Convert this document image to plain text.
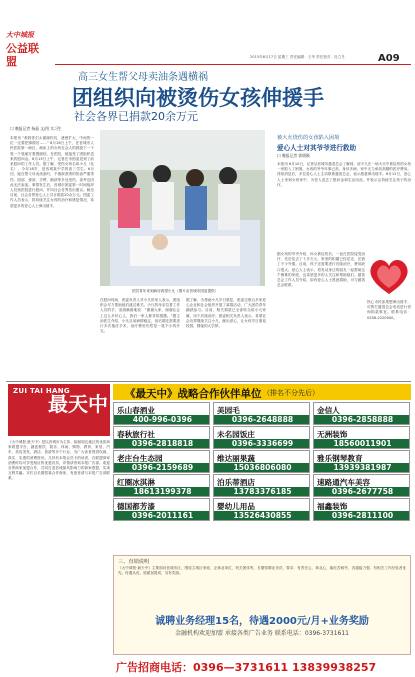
大中城报
公益联盟	2015年6月17日 星期三 责任编辑：王华 责任校对：杜立冬	A09
高三女生帮父母卖油条遇横祸
团组织向被烫伤女孩伸援手
社会各界已捐款20余万元
口 晚报记者 杨晶 文/图 实习生
本报讯 “救救你们太谢谢你们，爸爸扩大，中间的一位一定要把事做好……” 6月16日上午，在晋城市人民医院第一病区，病床上的女孩在众人的鼓励下一个笔一个笔地写着感谢信。在医院，她接受了团组织送来的慰问金。6月15日上午，记者在市团委见到了前来慰问的工作人员。据了解，受伤女孩名叫小凡（化名），今年18岁，是晋城某中学的高三学生。6月初，她在帮父母卖油条时，不慎被滚烫的热油严重烫伤，面部、颈部、手臂、胸部等多处受伤，高考也因此无法参加。事情发生后，晋城市团委第一时间组织人员到医院进行慰问，并向社会各界发出倡议。截至目前，社会各界爱心人士共计捐款20余万元。团委工作人员表示，将持续关注女孩的治疗和康复情况，希望更多的爱心人士伸出援手。
团员青年来到病房看望小凡（图片由晋城市团委提供）
在慰问现场，团委负责人对小凡的家人表示，团组织会尽力帮助她们渡过难关。小凡的母亲拉着工作人员的手，泪流满面地说：“谢谢大家，谢谢社会上这么多好心人，我们一家人都非常感激。”据主治医生介绍，小凡目前病情稳定，但后期还需要进行多次植皮手术，治疗费用仍然是一笔不小的开支。
据了解，为帮助小凡早日康复，团委还联合多家爱心企业和社会组织开展了募捐活动，广大团员青年踊跃参与。目前，相关捐款已全部转交给小凡家属，用于后续治疗。团委相关负责人表示，希望社会各界继续关注小凡，献出爱心，让女孩早日重返校园，圆她的大学梦。
被大火烧伤的女孩陷入困境
爱心人士对其爷爷进行救助
口 晚报记者 郭晓颖
本报讯 6月10日，记者从晋城市慈善总会了解到，前不久在一场火灾中被烧伤的女孩一家陷入了困境，女孩的爷爷年事已高，身体多病，家中无力承担高额的医疗费用。得知消息后，多位爱心人士主动联系慈善总会，表示愿意伸出援手。6月12日，爱心人士来到女孩家中，为老人送去了慰问金和生活用品，并表示会持续关注孩子的治疗。
据女孩的爷爷介绍，孙女被烧伤后，一直在医院接受治疗，先后花去了十多万元，家里的积蓄已经花光，还借了不少外债。目前，孩子还需要进行后续治疗，费用缺口很大。爱心人士表示，将发动身边的朋友一起帮助这个困难的家庭，也希望更多的人关注和帮助她们。慈善总会工作人员介绍，如有爱心人士愿意捐助，可与慈善总会联系。
热心市民如果想伸出援手，可拨打慈善总会电话进行咨询捐款事宜。联系电话：0356-2220000。
ZUI TAI HANG
最天中
《大中城报·最天中》是以晋城市为主体、辐射周边地区的优质商家联盟平台，涵盖餐饮、娱乐、休闲、购物、教育、家居、汽车、美容美发、酒店、旅游等多个行业，为广大读者提供权威、真实、实惠的消费资讯。凡持有本报会员卡的读者，在联盟商家消费时均可享受相应的优惠折扣，详情请咨询本报广告部。欢迎各界商家加盟合作，共同打造晋城最具影响力的商家联盟，实现互利共赢。本栏目长期招募合作商家，有意者请与本报广告部联系。
《最天中》战略合作伙伴单位 （排名不分先后）
乐山春酒业
400-996-0396
美园毛
0396-2648888
金信人
0396-2858888
春秋旅行社
0396-2818818
未名园饭庄
0396-3336699
无洲装饰
18560011901
老庄台生态园
0396-2159689
维达丽果蔬
15036806080
雅乐钢琴教育
13939381987
红圈冰淇淋
18613199378
泊乐蒂酒店
13783376185
速路通汽车美容
0396-2677758
德国都芳漆
0396-2011161
婴幼儿用品
13526430855
福鑫装饰
0396-2811100
三、直销说明
《大中城报·最天中》主要面向晋城市区，围绕主城区家庭、企事业单位、机关团体等，长期招聘业务员，要求：有责任心、事业心，能吃苦耐劳，沟通能力强，有相关工作经验者优先。待遇从优，底薪加提成，另有奖励。
诚聘业务经理15名，待遇2000元/月+业务奖励
金融机构欢迎加盟 承接各类广告业务 联系电话：0396-3731611
广告招商电话：0396—3731611 13839938257
